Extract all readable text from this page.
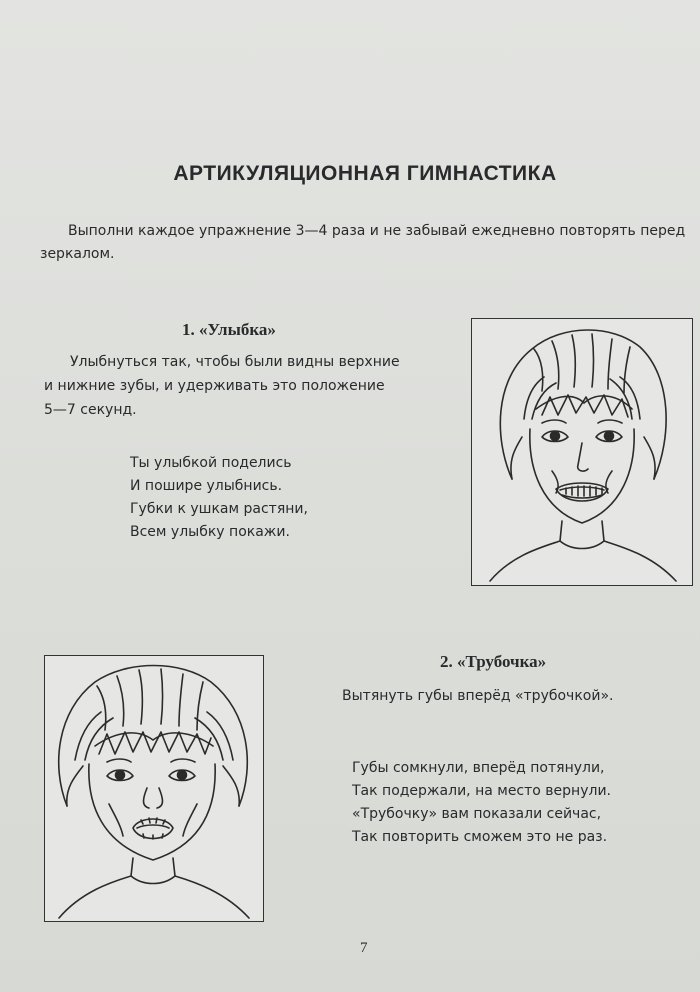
АРТИКУЛЯЦИОННАЯ ГИМНАСТИКА
Выполни каждое упражнение 3—4 раза и не забывай ежедневно повторять перед зеркалом.
1. «Улыбка»
Улыбнуться так, чтобы были видны верхние
и нижние зубы, и удерживать это положение
5—7 секунд.
Ты улыбкой поделись
И пошире улыбнись.
Губки к ушкам растяни,
Всем улыбку покажи.
2. «Трубочка»
Вытянуть губы вперёд «трубочкой».
Губы сомкнули, вперёд потянули,
Так подержали, на место вернули.
«Трубочку» вам показали сейчас,
Так повторить сможем это не раз.
7
